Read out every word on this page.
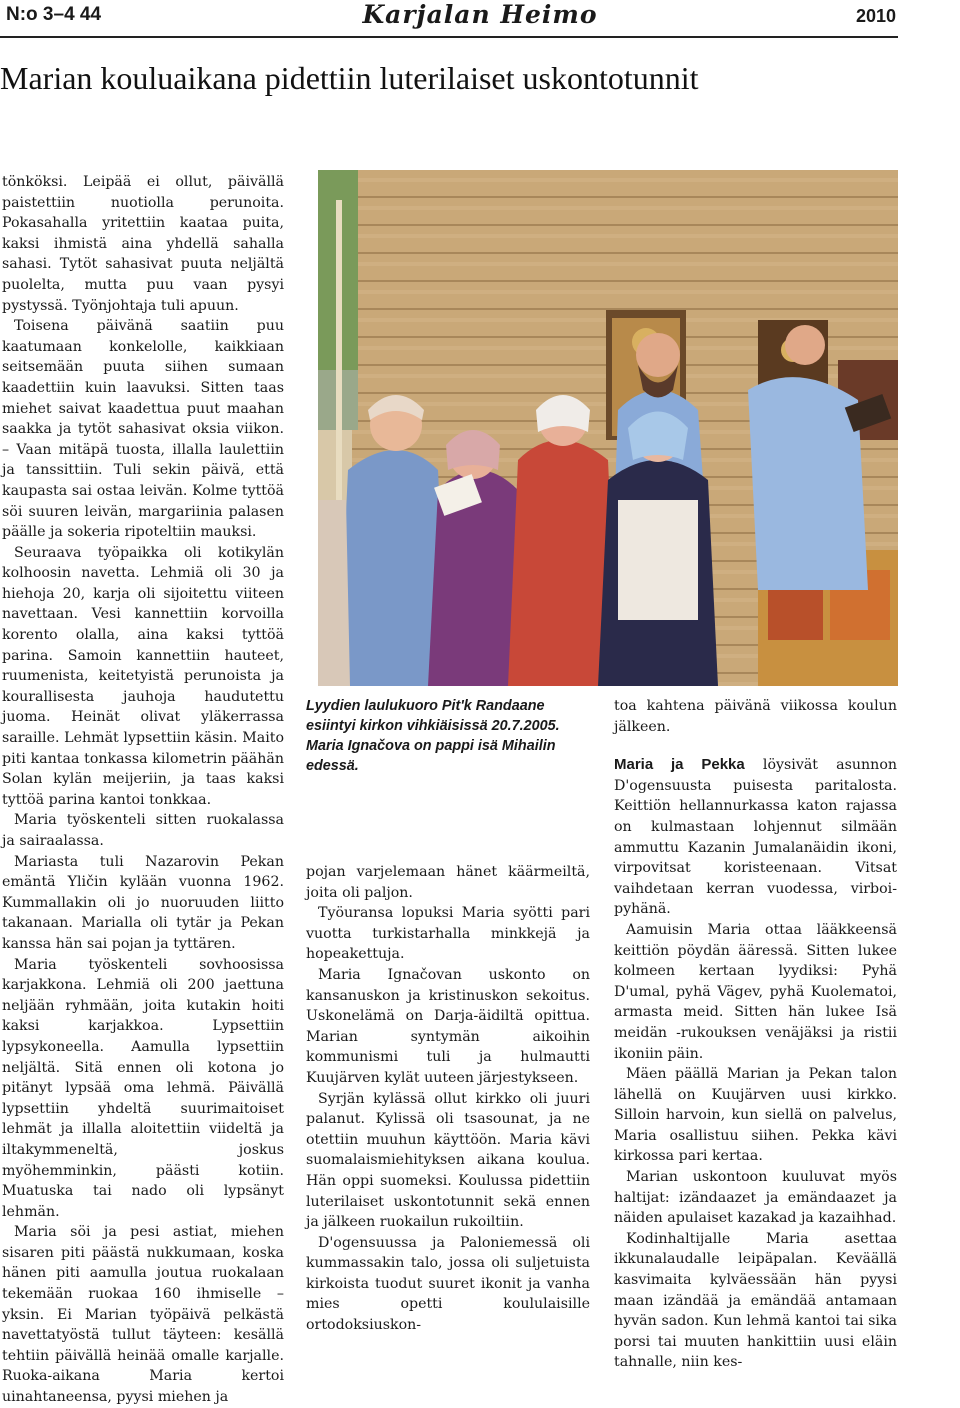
N:o 3–4 44	Karjalan Heimo	2010
Marian kouluaikana pidettiin luterilaiset uskontotunnit

tönköksi. Leipää ei ollut, päivällä paistettiin nuotiolla perunoita. Pokasahalla yritettiin kaataa puita, kaksi ihmistä aina yhdellä sahalla sahasi. Tytöt sahasivat puuta neljältä puolelta, mutta puu vaan pysyi pystyssä. Työnjohtaja tuli apuun.

Toisena päivänä saatiin puu kaatumaan konkelolle, kaikkiaan seitsemään puuta siihen sumaan kaadettiin kuin laavuksi. Sitten taas miehet saivat kaadettua puut maahan saakka ja tytöt sahasivat oksia viikon. – Vaan mitäpä tuosta, illalla laulettiin ja tanssittiin. Tuli sekin päivä, että kaupasta sai ostaa leivän. Kolme tyttöä söi suuren leivän, margariinia palasen päälle ja sokeria ripoteltiin mauksi.

Seuraava työpaikka oli kotikylän kolhoosin navetta. Lehmiä oli 30 ja hiehoja 20, karja oli sijoitettu viiteen navettaan. Vesi kannettiin korvoilla korento olalla, aina kaksi tyttöä parina. Samoin kannettiin hauteet, ruumenista, keitetyistä perunoista ja kourallisesta jauhoja haudutettu juoma. Heinät olivat yläkerrassa saraille. Lehmät lypsettiin käsin. Maito piti kantaa tonkassa kilometrin päähän Solan kylän meijeriin, ja taas kaksi tyttöä parina kantoi tonkkaa.

Maria työskenteli sitten ruokalassa ja sairaalassa.

Mariasta tuli Nazarovin Pekan emäntä Yličin kylään vuonna 1962. Kummallakin oli jo nuoruuden liitto takanaan. Mariallа oli tytär ja Pekan kanssa hän sai pojan ja tyttären.

Maria työskenteli sovhoosissa karjakkona. Lehmiä oli 200 jaettuna neljään ryhmään, joita kutakin hoiti kaksi karjakkoa. Lypsettiin lypsykoneella. Aamulla lypsettiin neljältä. Sitä ennen oli kotona jo pitänyt lypsää oma lehmä. Päivällä lypsettiin yhdeltä suurimaitoiset lehmät ja illalla aloitettiin viideltä ja iltakymmeneltä, joskus myöhemminkin, päästi kotiin. Muatuska tai nado oli lypsänyt lehmän.

Maria söi ja pesi astiat, miehen sisaren piti päästä nukkumaan, koska hänen piti aamulla joutua ruokalaan tekemään ruokaa 160 ihmiselle – yksin. Ei Marian työpäivä pelkästä navettatyöstä tullut täyteen: kesällä tehtiin päivällä heinää omalle karjalle. Ruoka-aikana Maria kertoi uinahtaneensa, pyysi miehen ja

Lyydien laulukuoro Pit'k Randaane esiintyi kirkon vihkiäisissä 20.7.2005. Maria Ignačova on pappi isä Mihailin edessä.

pojan varjelemaan hänet käärmeiltä, joita oli paljon.

Työuransa lopuksi Maria syötti pari vuotta turkistarhalla minkkejä ja hopeakettuja.

Maria Ignačovan uskonto on kansanuskon ja kristinuskon sekoitus. Uskonelämä on Darja-äidiltä opittua. Marian syntymän aikoihin kommunismi tuli ja hulmautti Kuujärven kylät uuteen järjestykseen.

Syrjän kylässä ollut kirkko oli juuri palanut. Kylissä oli tsasounat, ja ne otettiin muuhun käyttöön. Maria kävi suomalaismiehityksen aikana koulua. Hän oppi suomeksi. Koulussa pidettiin luterilaiset uskontotunnit sekä ennen ja jälkeen ruokailun rukoiltiin.

D'ogensuussa ja Paloniemessä oli kummassakin talo, jossa oli suljetuista kirkoista tuodut suuret ikonit ja vanha mies opetti koululaisille ortodoksiuskon-

toa kahtena päivänä viikossa koulun jälkeen.

Maria ja Pekka löysivät asunnon D'ogensuusta puisesta paritalosta. Keittiön hellannurkassa katon rajassa on kulmastaan lohjennut silmään ammuttu Kazanin Jumalanäidin ikoni, virpovitsat koristeenaan. Vitsat vaihdetaan kerran vuodessa, virboi-pyhänä.

Aamuisin Maria ottaa lääkkeensä keittiön pöydän ääressä. Sitten lukee kolmeen kertaan lyydiksi: Pyhä D'umal, pyhä Vägev, pyhä Kuolematoi, armasta meid. Sitten hän lukee Isä meidän -rukouksen venäjäksi ja ristii ikoniin päin.

Mäen päällä Marian ja Pekan talon lähellä on Kuujärven uusi kirkko. Silloin harvoin, kun siellä on palvelus, Maria osallistuu siihen. Pekka kävi kirkossa pari kertaa.

Marian uskontoon kuuluvat myös haltijat: izändaazet ja emändaazet ja näiden apulaiset kazakad ja kazaihhad.

Kodinhaltijalle Maria asettaa ikkunalaudalle leipäpalan. Keväällä kasvimaita kylväessään hän pyysi maan izändää ja emändää antamaan hyvän sadon. Kun lehmä kantoi tai sika porsi tai muuten hankittiin uusi eläin tahnalle, niin kes-
